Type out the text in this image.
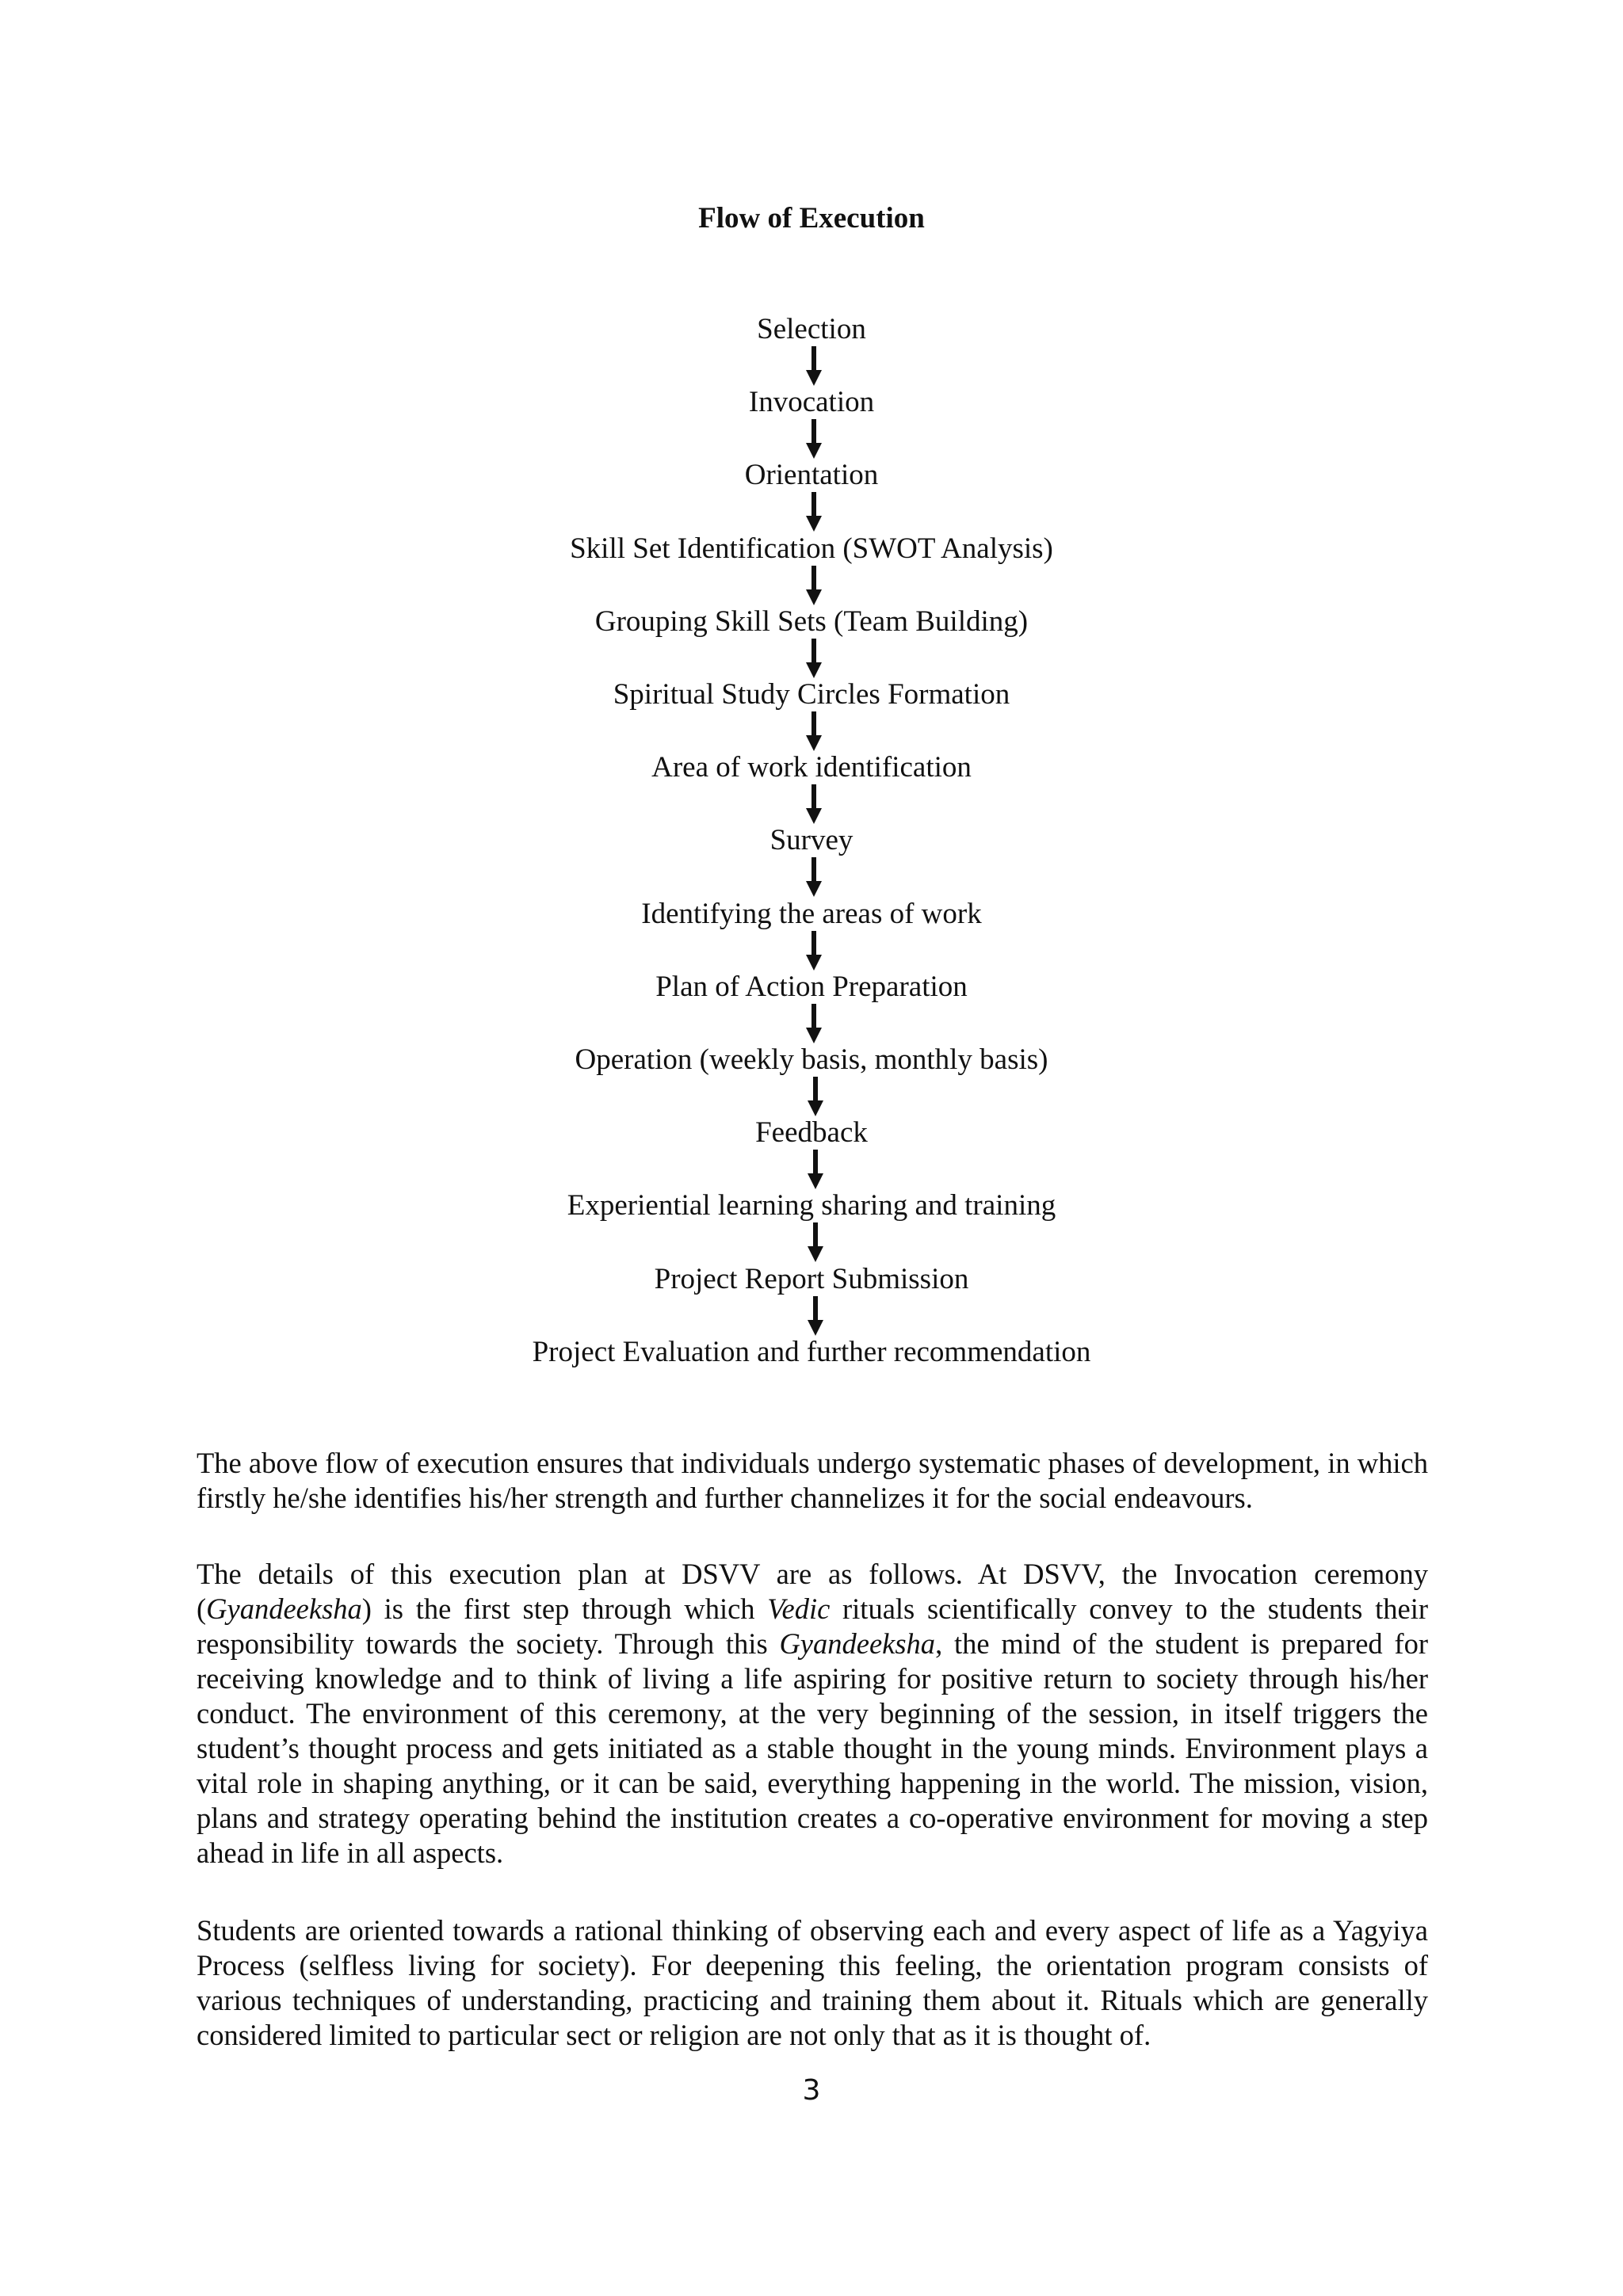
Flow of Execution
Selection
Invocation
Orientation
Skill Set Identification (SWOT Analysis)
Grouping Skill Sets (Team Building)
Spiritual Study Circles Formation
Area of work identification
Survey
Identifying the areas of work
Plan of Action Preparation
Operation (weekly basis, monthly basis)
Feedback
Experiential learning sharing and training
Project Report Submission
Project Evaluation and further recommendation
The above flow of execution ensures that individuals undergo systematic phases of development, in which firstly he/she identifies his/her strength and further channelizes it for the social endeavours.
The details of this execution plan at DSVV are as follows. At DSVV, the Invocation ceremony (Gyandeeksha) is the first step through which Vedic rituals scientifically convey to the students their responsibility towards the society. Through this Gyandeeksha, the mind of the student is prepared for receiving knowledge and to think of living a life aspiring for positive return to society through his/her conduct. The environment of this ceremony, at the very beginning of the session, in itself triggers the student’s thought process and gets initiated as a stable thought in the young minds. Environment plays a vital role in shaping anything, or it can be said, everything happening in the world. The mission, vision, plans and strategy operating behind the institution creates a co-operative environment for moving a step ahead in life in all aspects.
Students are oriented towards a rational thinking of observing each and every aspect of life as a Yagyiya Process (selfless living for society). For deepening this feeling, the orientation program consists of various techniques of understanding, practicing and training them about it. Rituals which are generally considered limited to particular sect or religion are not only that as it is thought of.
3
